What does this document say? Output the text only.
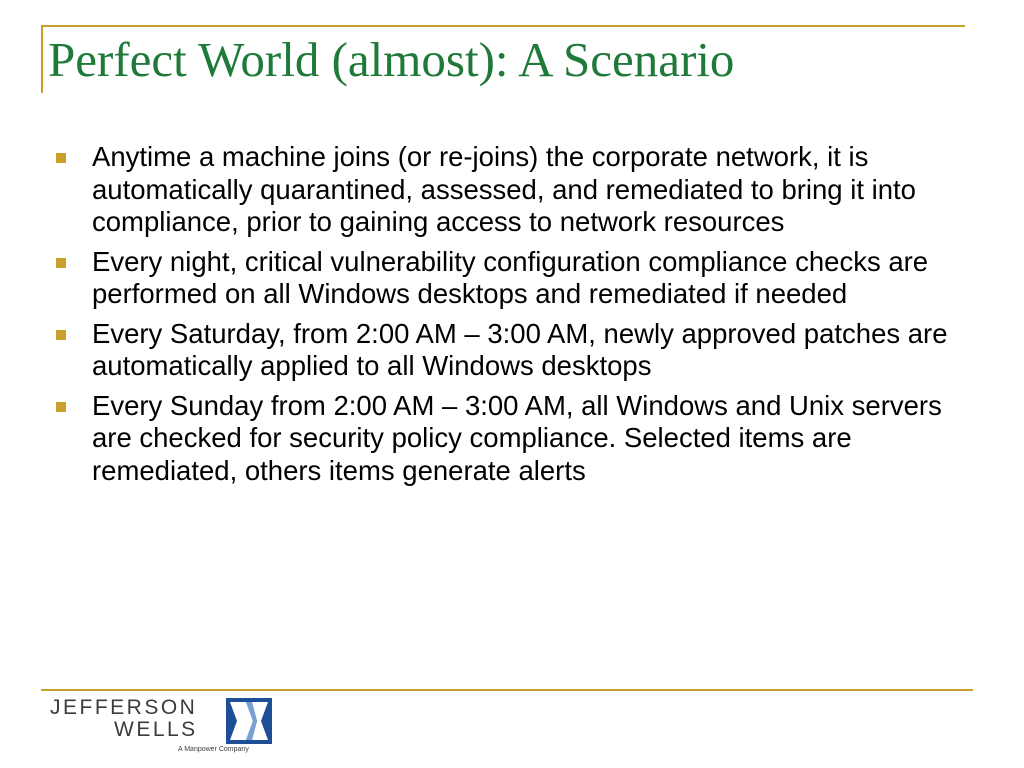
Perfect World (almost): A Scenario
Anytime a machine joins (or re-joins) the corporate network, it is automatically quarantined, assessed, and remediated to bring it into compliance, prior to gaining access to network resources
Every night, critical vulnerability configuration compliance checks are performed on all Windows desktops and remediated if needed
Every Saturday, from 2:00 AM – 3:00 AM, newly approved patches are automatically applied to all Windows desktops
Every Sunday from 2:00 AM – 3:00 AM, all Windows and Unix servers are checked for security policy compliance. Selected items are remediated, others items generate alerts
JEFFERSON
WELLS
A Manpower Company
